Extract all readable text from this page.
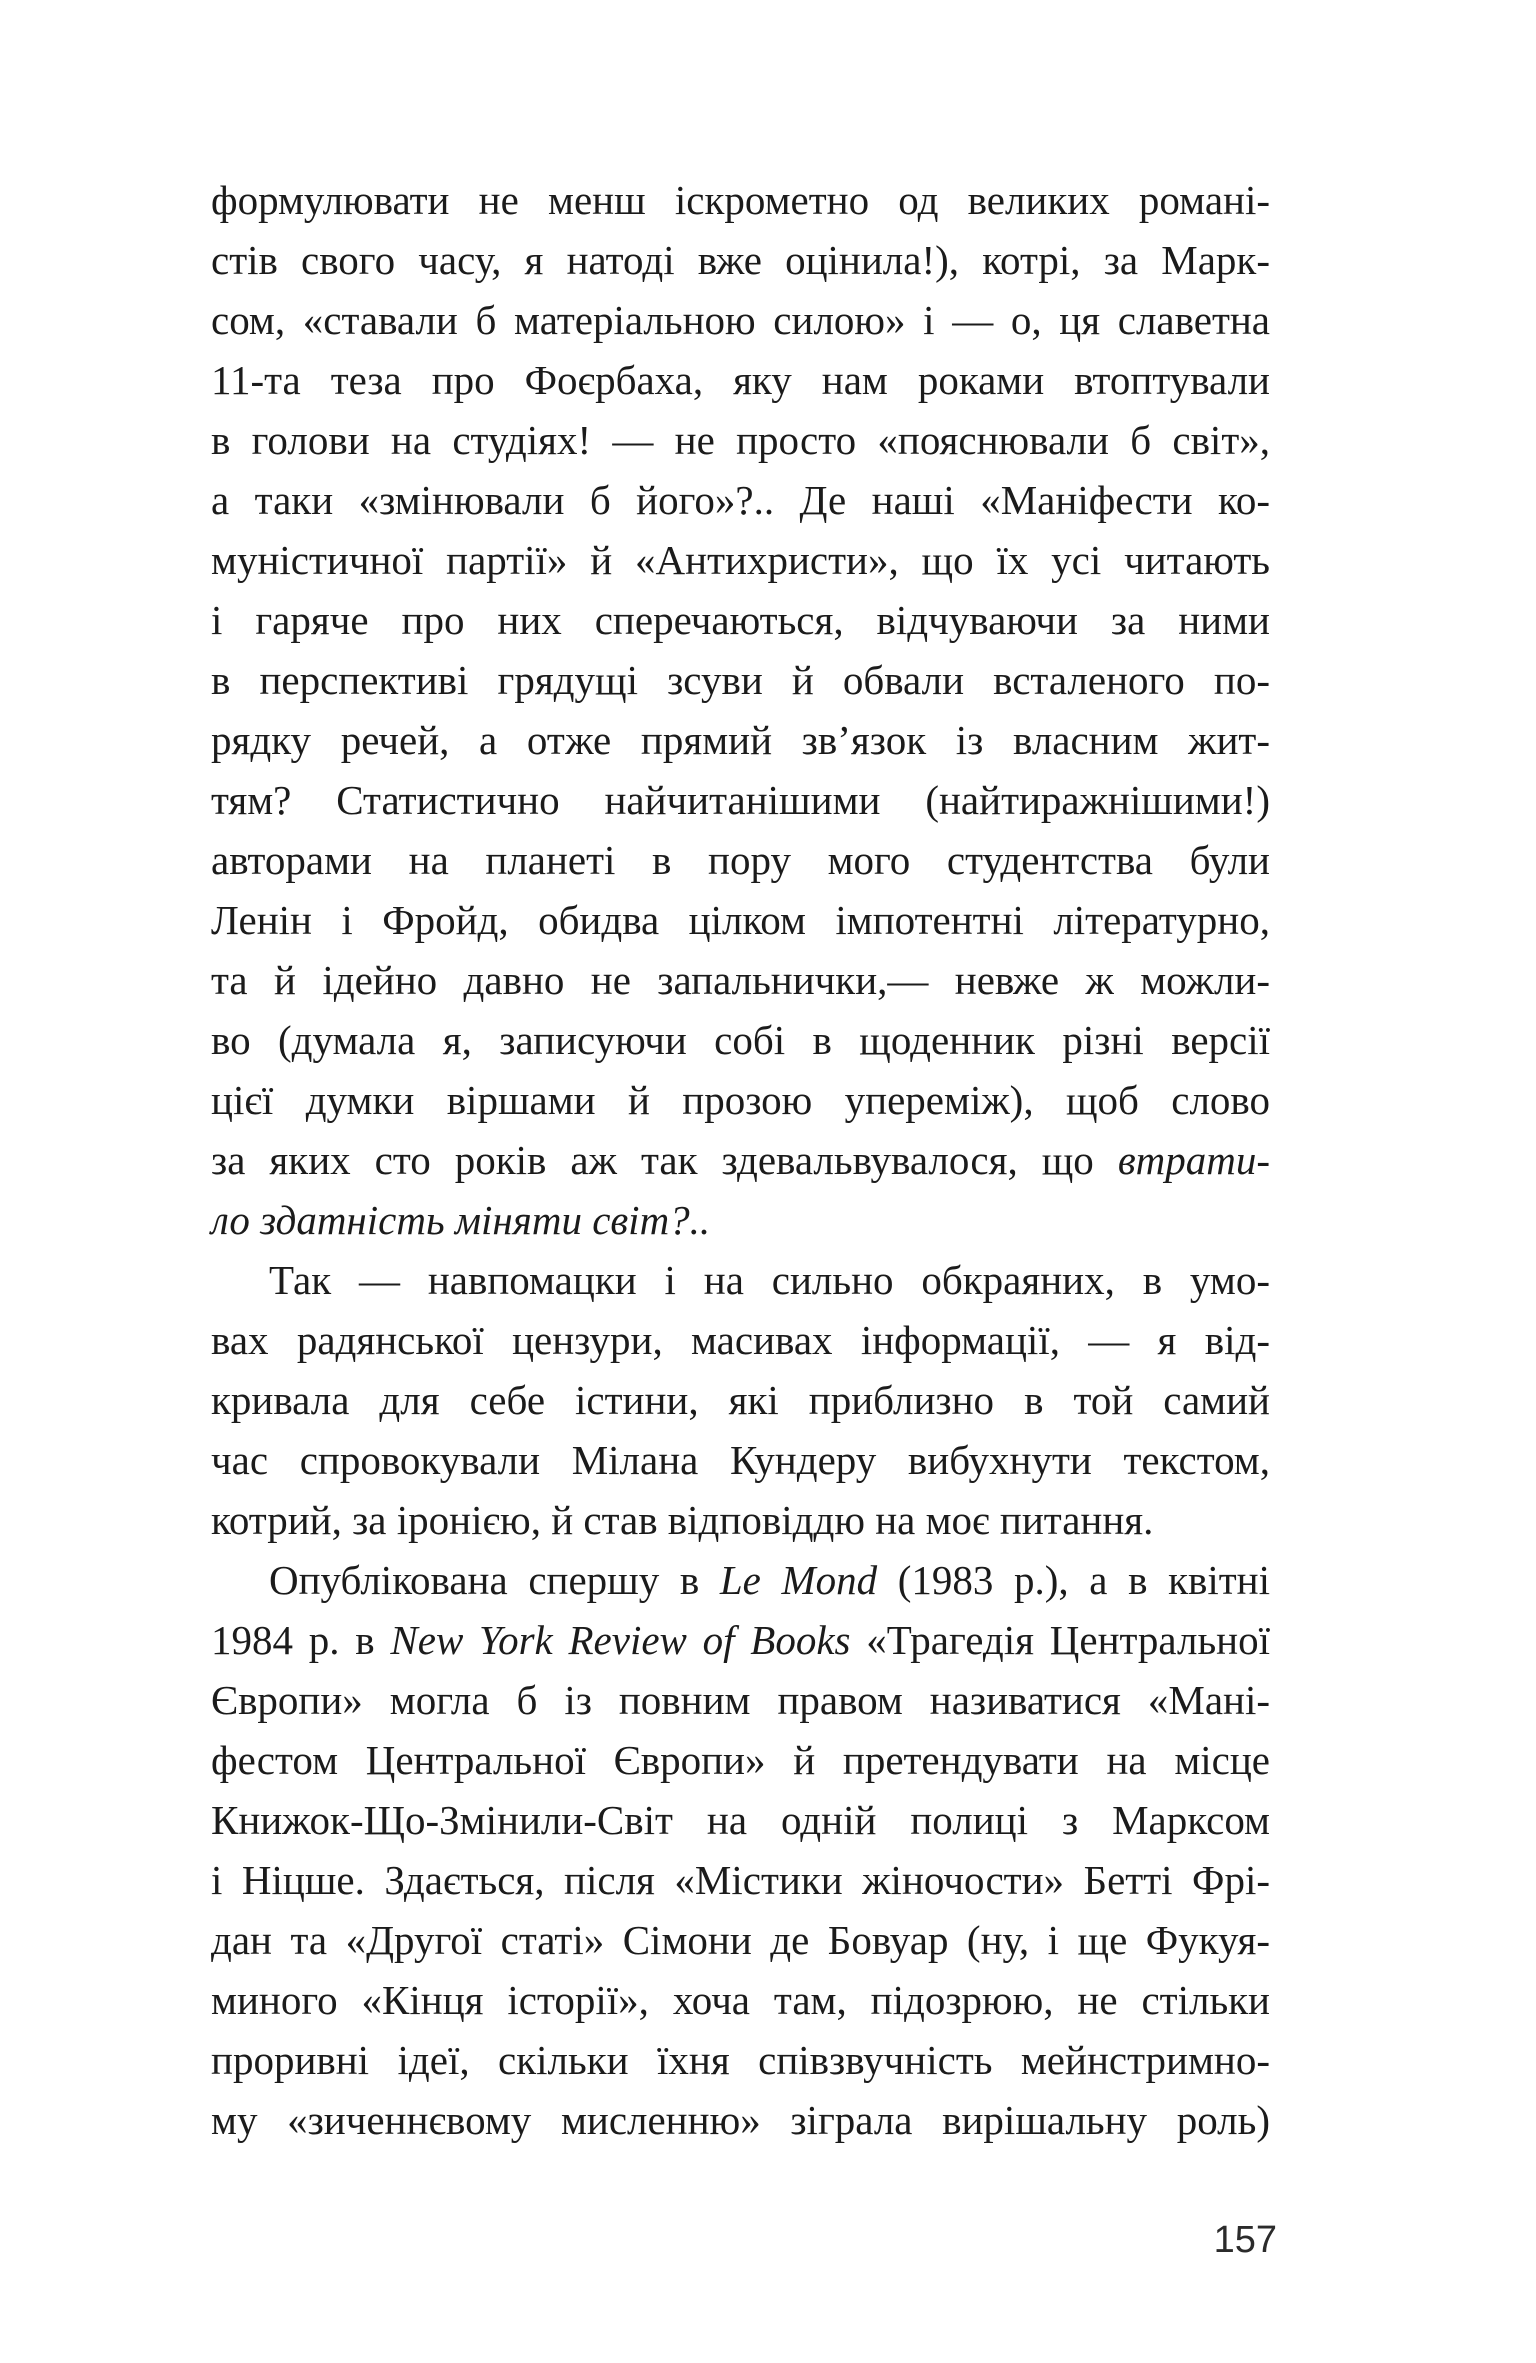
формулювати не менш іскрометно од великих романі-
стів свого часу, я натоді вже оцінила!), котрі, за Марк-
сом, «ставали б матеріальною силою» і — о, ця славетна
11-та теза про Фоєрбаха, яку нам роками втоптували
в голови на студіях! — не просто «пояснювали б світ»,
а таки «змінювали б його»?.. Де наші «Маніфести ко-
муністичної партії» й «Антихристи», що їх усі читають
і гаряче про них сперечаються, відчуваючи за ними
в перспективі грядущі зсуви й обвали всталеного по-
рядку речей, а отже прямий зв’язок із власним жит-
тям? Статистично найчитанішими (найтиражнішими!)
авторами на планеті в пору мого студентства були
Ленін і Фройд, обидва цілком імпотентні літературно,
та й ідейно давно не запальнички,— невже ж можли-
во (думала я, записуючи собі в щоденник різні версії
цієї думки віршами й прозою упереміж), щоб слово
за яких сто років аж так здевальвувалося, що втрати-
ло здатність міняти світ?..
Так — навпомацки і на сильно обкраяних, в умо-
вах радянської цензури, масивах інформації, — я від-
кривала для себе істини, які приблизно в той самий
час спровокували Мілана Кундеру вибухнути текстом,
котрий, за іронією, й став відповіддю на моє питання.
Опублікована спершу в Le Mond (1983 р.), а в квітні
1984 р. в New York Review of Books «Трагедія Центральної
Європи» могла б із повним правом називатися «Мані-
фестом Центральної Європи» й претендувати на місце
Книжок-Що-Змінили-Світ на одній полиці з Марксом
і Ніцше. Здається, після «Містики жіночости» Бетті Фрі-
дан та «Другої статі» Сімони де Бовуар (ну, і ще Фукуя-
миного «Кінця історії», хоча там, підозрюю, не стільки
проривні ідеї, скільки їхня співзвучність мейнстримно-
му «зиченнєвому мисленню» зіграла вирішальну роль)
157
